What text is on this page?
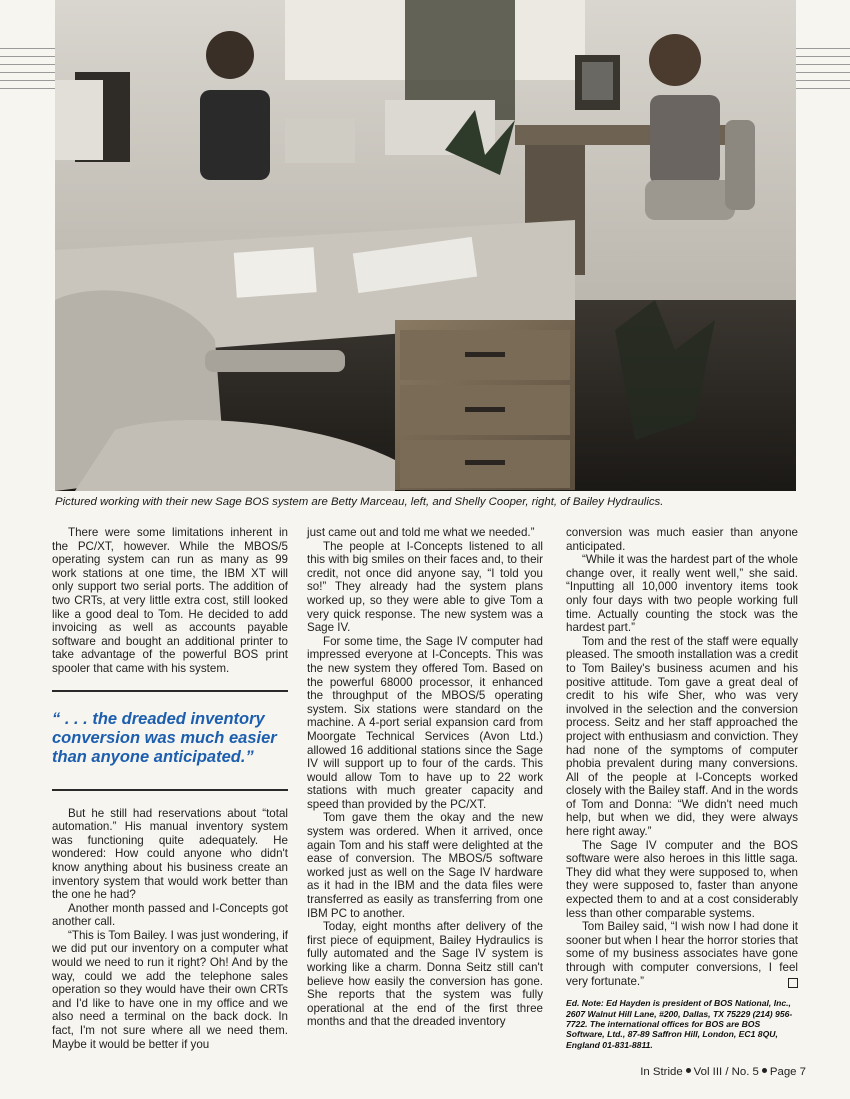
Pictured working with their new Sage BOS system are Betty Marceau, left, and Shelly Cooper, right, of Bailey Hydraulics.

There were some limitations inherent in the PC/XT, however. While the MBOS/5 operating system can run as many as 99 work stations at one time, the IBM XT will only support two serial ports. The addition of two CRTs, at very little extra cost, still looked like a good deal to Tom. He decided to add invoicing as well as accounts payable software and bought an additional printer to take advantage of the powerful BOS print spooler that came with his system.

“ . . . the dreaded inventory conversion was much easier than anyone anticipated.”

But he still had reservations about “total automation.” His manual inventory system was functioning quite adequately. He wondered: How could anyone who didn't know anything about his business create an inventory system that would work better than the one he had?

Another month passed and I-Concepts got another call.

“This is Tom Bailey. I was just wondering, if we did put our inventory on a computer what would we need to run it right? Oh! And by the way, could we add the telephone sales operation so they would have their own CRTs and I'd like to have one in my office and we also need a terminal on the back dock. In fact, I'm not sure where all we need them. Maybe it would be better if you

just came out and told me what we needed.”

The people at I-Concepts listened to all this with big smiles on their faces and, to their credit, not once did anyone say, “I told you so!” They already had the system plans worked up, so they were able to give Tom a very quick response. The new system was a Sage IV.

For some time, the Sage IV computer had impressed everyone at I-Concepts. This was the new system they offered Tom. Based on the powerful 68000 processor, it enhanced the throughput of the MBOS/5 operating system. Six stations were standard on the machine. A 4-port serial expansion card from Moorgate Technical Services (Avon Ltd.) allowed 16 additional stations since the Sage IV will support up to four of the cards. This would allow Tom to have up to 22 work stations with much greater capacity and speed than provided by the PC/XT.

Tom gave them the okay and the new system was ordered. When it arrived, once again Tom and his staff were delighted at the ease of conversion. The MBOS/5 software worked just as well on the Sage IV hardware as it had in the IBM and the data files were transferred as easily as transferring from one IBM PC to another.

Today, eight months after delivery of the first piece of equipment, Bailey Hydraulics is fully automated and the Sage IV system is working like a charm. Donna Seitz still can't believe how easily the conversion has gone. She reports that the system was fully operational at the end of the first three months and that the dreaded inventory

conversion was much easier than anyone anticipated.

“While it was the hardest part of the whole change over, it really went well,” she said. “Inputting all 10,000 inventory items took only four days with two people working full time. Actually counting the stock was the hardest part.”

Tom and the rest of the staff were equally pleased. The smooth installation was a credit to Tom Bailey's business acumen and his positive attitude. Tom gave a great deal of credit to his wife Sher, who was very involved in the selection and the conversion process. Seitz and her staff approached the project with enthusiasm and conviction. They had none of the symptoms of computer phobia prevalent during many conversions. All of the people at I-Concepts worked closely with the Bailey staff. And in the words of Tom and Donna: “We didn't need much help, but when we did, they were always here right away.”

The Sage IV computer and the BOS software were also heroes in this little saga. They did what they were supposed to, when they were supposed to, faster than anyone expected them to and at a cost considerably less than other comparable systems.

Tom Bailey said, “I wish now I had done it sooner but when I hear the horror stories that some of my business associates have gone through with computer conversions, I feel very fortunate.”

Ed. Note: Ed Hayden is president of BOS National, Inc., 2607 Walnut Hill Lane, #200, Dallas, TX 75229 (214) 956-7722. The international offices for BOS are BOS Software, Ltd., 87-89 Saffron Hill, London, EC1 8QU, England 01-831-8811.
In Stride Vol III / No. 5 Page 7
